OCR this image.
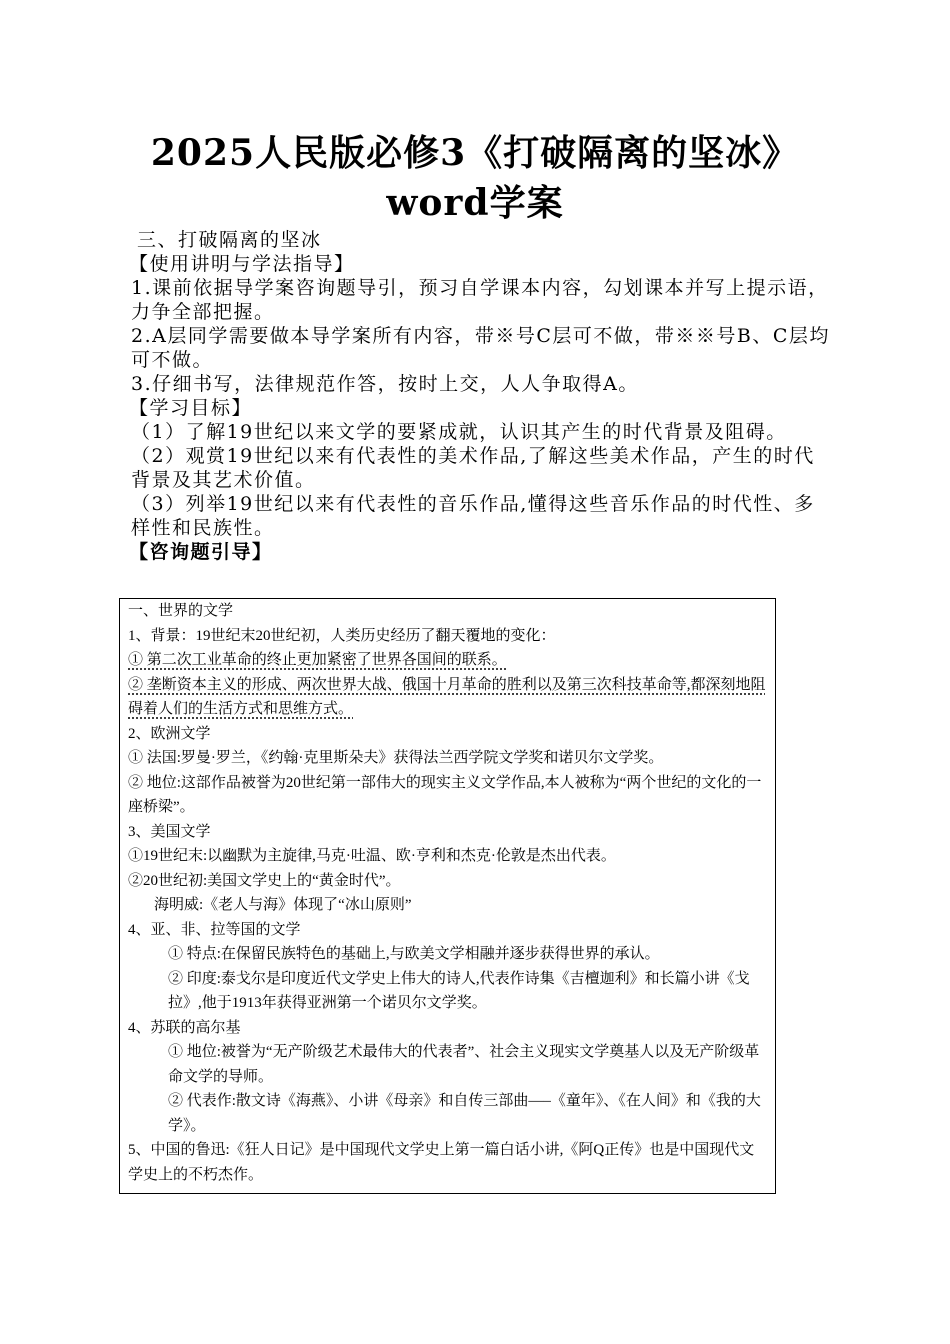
2025人民版必修3《打破隔离的坚冰》word学案

三、打破隔离的坚冰

【使用讲明与学法指导】

1.课前依据导学案咨询题导引，预习自学课本内容，勾划课本并写上提示语，力争全部把握。

2.A层同学需要做本导学案所有内容，带※号C层可不做，带※※号B、C层均可不做。

3.仔细书写，法律规范作答，按时上交，人人争取得A。

【学习目标】

（1）了解19世纪以来文学的要紧成就，认识其产生的时代背景及阻碍。

（2）观赏19世纪以来有代表性的美术作品,了解这些美术作品，产生的时代背景及其艺术价值。

（3）列举19世纪以来有代表性的音乐作品,懂得这些音乐作品的时代性、多样性和民族性。

【咨询题引导】

一、世界的文学

1、背景：19世纪末20世纪初，人类历史经历了翻天覆地的变化：

① 第二次工业革命的终止更加紧密了世界各国间的联系。

② 垄断资本主义的形成、两次世界大战、俄国十月革命的胜利以及第三次科技革命等,都深刻地阻碍着人们的生活方式和思维方式。

2、欧洲文学

① 法国:罗曼·罗兰，《约翰·克里斯朵夫》获得法兰西学院文学奖和诺贝尔文学奖。

② 地位:这部作品被誉为20世纪第一部伟大的现实主义文学作品,本人被称为“两个世纪的文化的一座桥梁”。

3、美国文学

①19世纪末:以幽默为主旋律,马克·吐温、欧·亨利和杰克·伦敦是杰出代表。

②20世纪初:美国文学史上的“黄金时代”。

海明威:《老人与海》体现了“冰山原则”

4、亚、非、拉等国的文学

① 特点:在保留民族特色的基础上,与欧美文学相融并逐步获得世界的承认。

② 印度:泰戈尔是印度近代文学史上伟大的诗人,代表作诗集《吉檀迦利》和长篇小讲《戈拉》,他于1913年获得亚洲第一个诺贝尔文学奖。

4、苏联的高尔基

① 地位:被誉为“无产阶级艺术最伟大的代表者”、社会主义现实文学奠基人以及无产阶级革命文学的导师。

② 代表作:散文诗《海燕》、小讲《母亲》和自传三部曲—–《童年》、《在人间》和《我的大学》。

5、中国的鲁迅:《狂人日记》是中国现代文学史上第一篇白话小讲,《阿Q正传》也是中国现代文学史上的不朽杰作。
